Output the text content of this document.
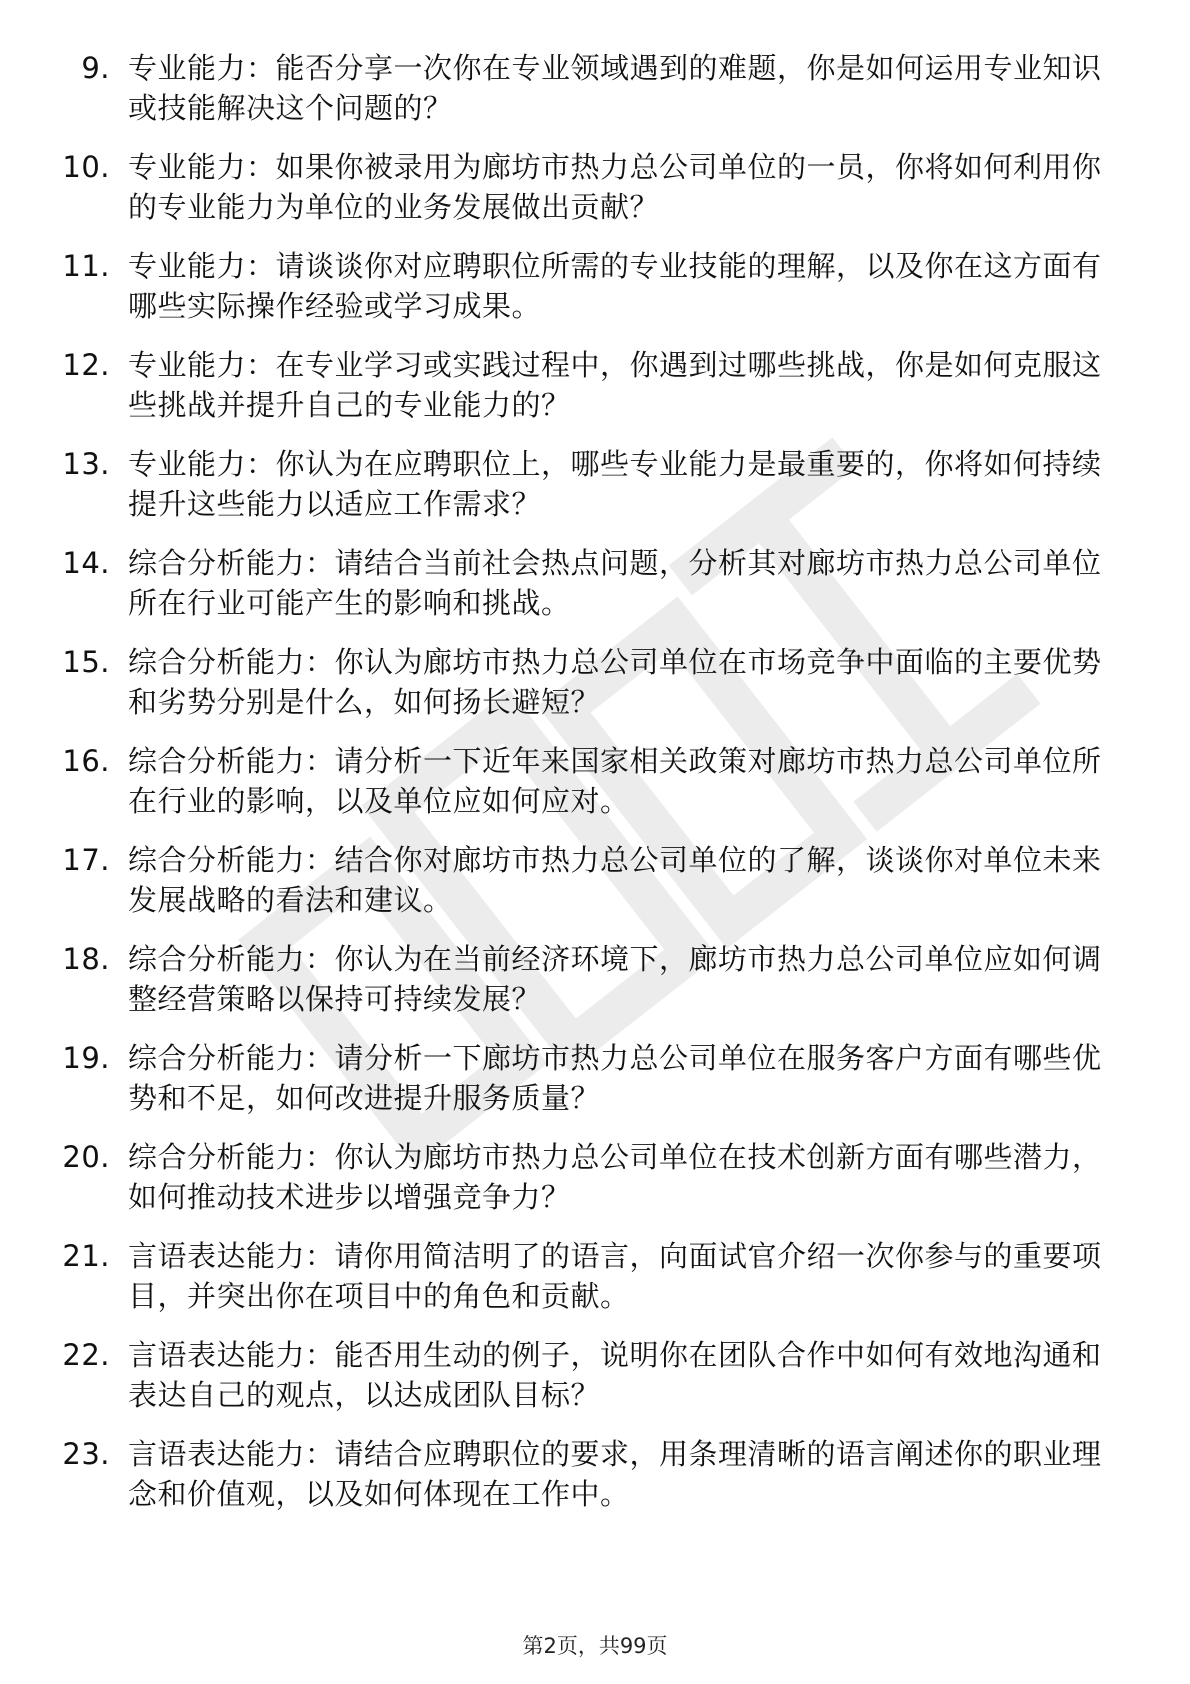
9. 专业能力：能否分享一次你在专业领域遇到的难题，你是如何运用专业知识或技能解决这个问题的？
10. 专业能力：如果你被录用为廊坊市热力总公司单位的一员，你将如何利用你的专业能力为单位的业务发展做出贡献？
11. 专业能力：请谈谈你对应聘职位所需的专业技能的理解，以及你在这方面有哪些实际操作经验或学习成果。
12. 专业能力：在专业学习或实践过程中，你遇到过哪些挑战，你是如何克服这些挑战并提升自己的专业能力的？
13. 专业能力：你认为在应聘职位上，哪些专业能力是最重要的，你将如何持续提升这些能力以适应工作需求？
14. 综合分析能力：请结合当前社会热点问题，分析其对廊坊市热力总公司单位所在行业可能产生的影响和挑战。
15. 综合分析能力：你认为廊坊市热力总公司单位在市场竞争中面临的主要优势和劣势分别是什么，如何扬长避短？
16. 综合分析能力：请分析一下近年来国家相关政策对廊坊市热力总公司单位所在行业的影响，以及单位应如何应对。
17. 综合分析能力：结合你对廊坊市热力总公司单位的了解，谈谈你对单位未来发展战略的看法和建议。
18. 综合分析能力：你认为在当前经济环境下，廊坊市热力总公司单位应如何调整经营策略以保持可持续发展？
19. 综合分析能力：请分析一下廊坊市热力总公司单位在服务客户方面有哪些优势和不足，如何改进提升服务质量？
20. 综合分析能力：你认为廊坊市热力总公司单位在技术创新方面有哪些潜力，如何推动技术进步以增强竞争力？
21. 言语表达能力：请你用简洁明了的语言，向面试官介绍一次你参与的重要项目，并突出你在项目中的角色和贡献。
22. 言语表达能力：能否用生动的例子，说明你在团队合作中如何有效地沟通和表达自己的观点，以达成团队目标？
23. 言语表达能力：请结合应聘职位的要求，用条理清晰的语言阐述你的职业理念和价值观，以及如何体现在工作中。
第2页，共99页
